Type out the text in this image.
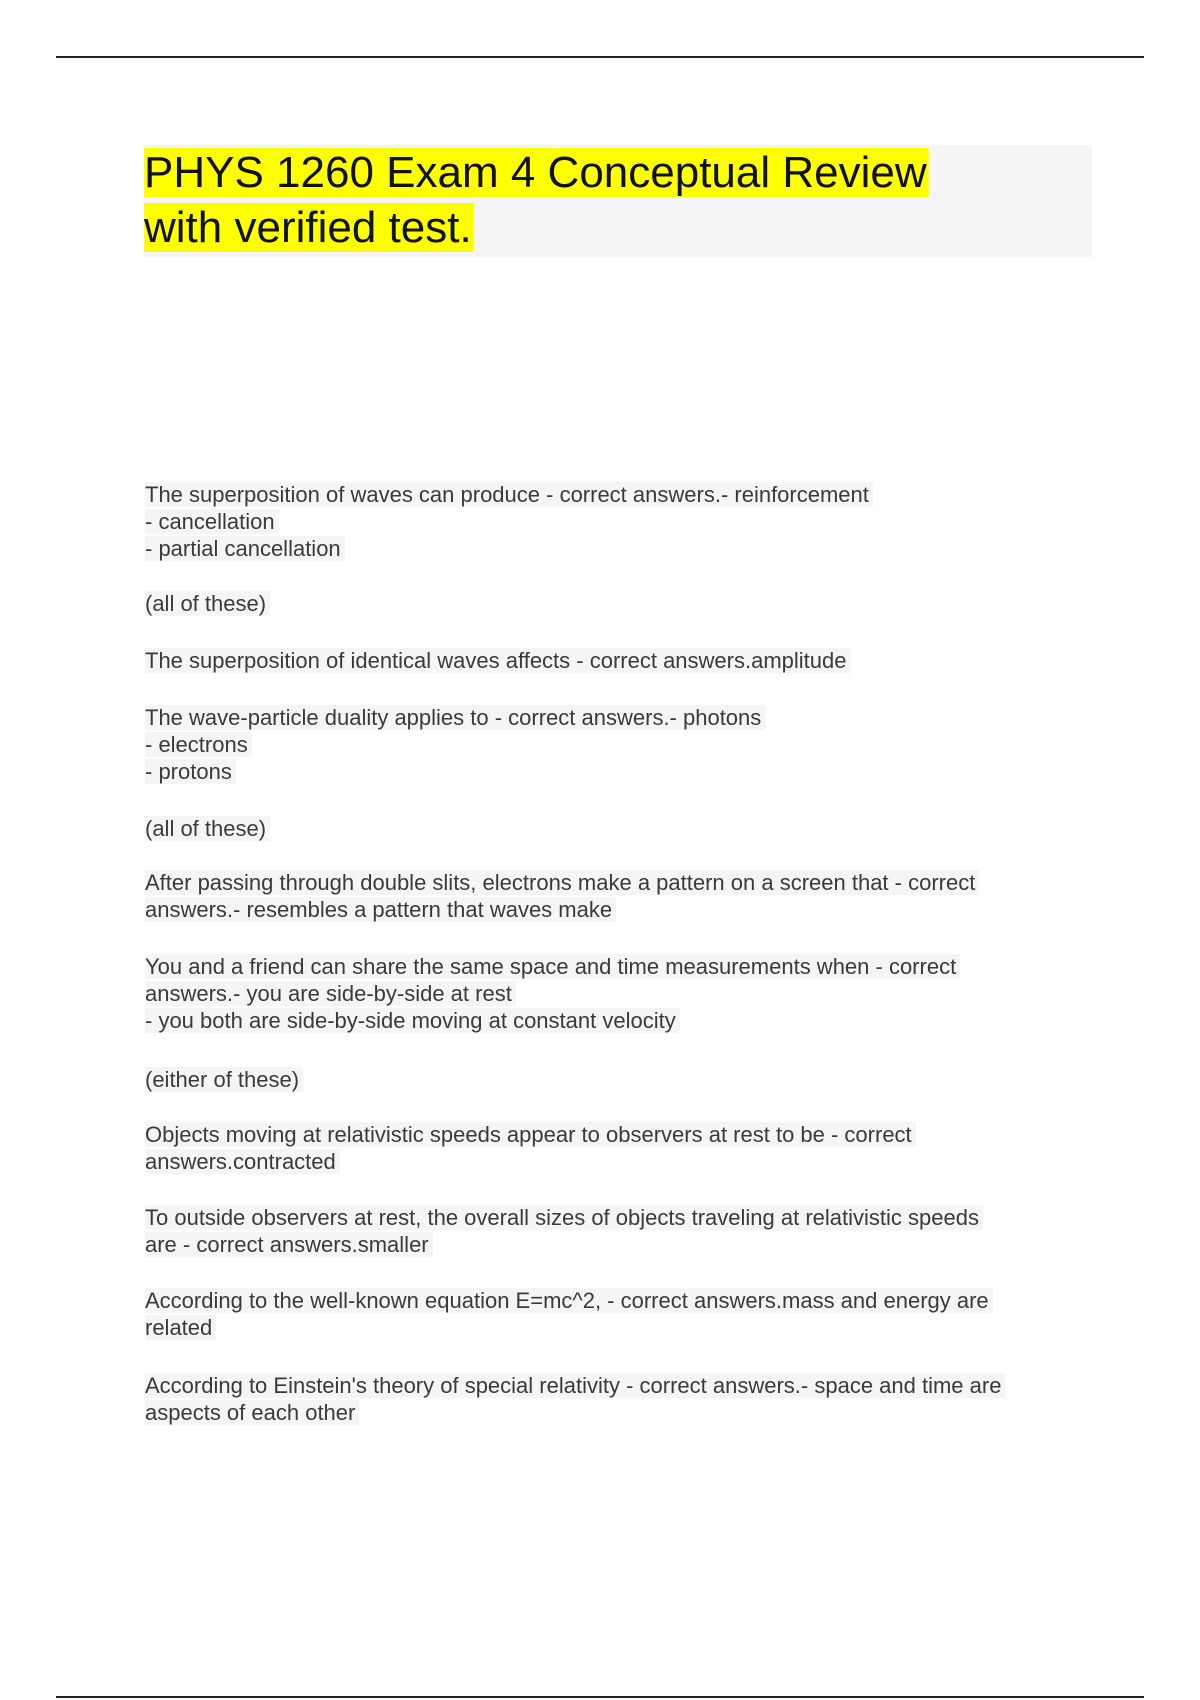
PHYS 1260 Exam 4 Conceptual Review
with verified test.

The superposition of waves can produce - correct answers.- reinforcement
- cancellation
- partial cancellation

(all of these)

The superposition of identical waves affects - correct answers.amplitude

The wave-particle duality applies to - correct answers.- photons
- electrons
- protons

(all of these)

After passing through double slits, electrons make a pattern on a screen that - correct
answers.- resembles a pattern that waves make

You and a friend can share the same space and time measurements when - correct
answers.- you are side-by-side at rest
- you both are side-by-side moving at constant velocity

(either of these)

Objects moving at relativistic speeds appear to observers at rest to be - correct
answers.contracted

To outside observers at rest, the overall sizes of objects traveling at relativistic speeds
are - correct answers.smaller

According to the well-known equation E=mc^2, - correct answers.mass and energy are
related

According to Einstein's theory of special relativity - correct answers.- space and time are
aspects of each other
